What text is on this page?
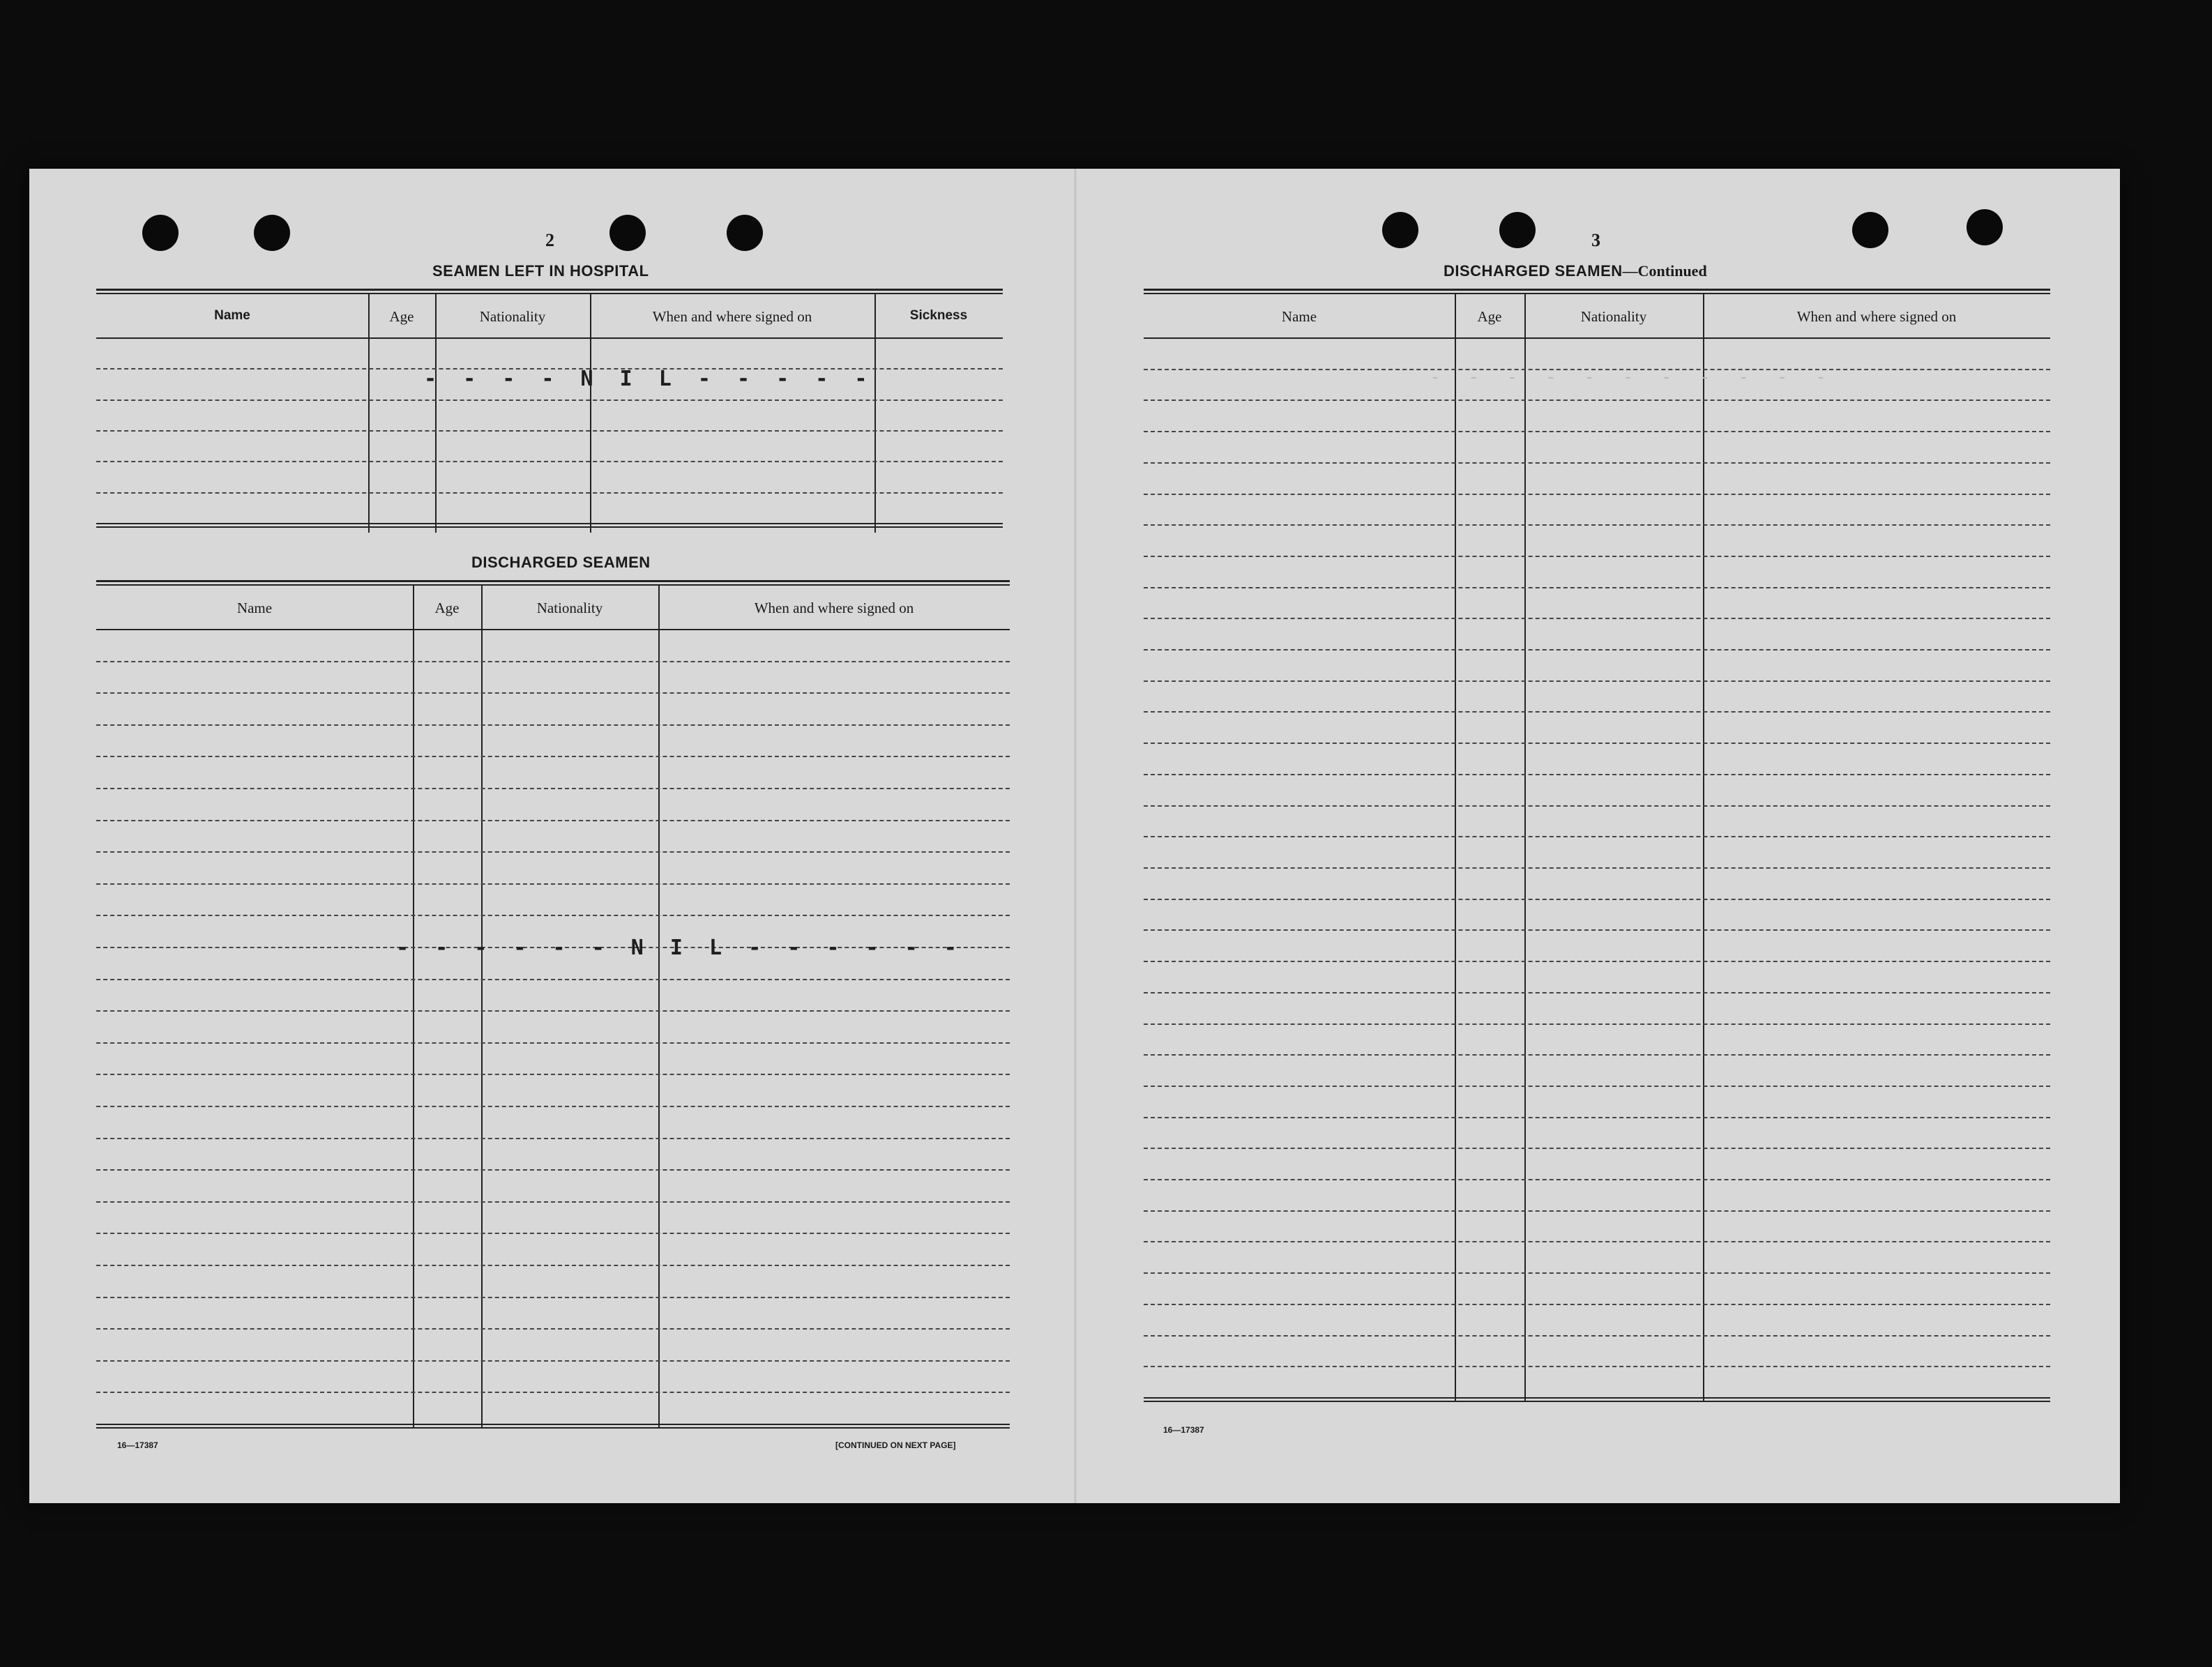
2
SEAMEN LEFT IN HOSPITAL
Name	Age	Nationality	When and where signed on	Sickness
- - - - N I L - - - - -
DISCHARGED SEAMEN
Name	Age	Nationality	When and where signed on
- - - - - - N I L - - - - - -
16—17387	[CONTINUED ON NEXT PAGE]
3
DISCHARGED SEAMEN—Continued
Name	Age	Nationality	When and where signed on
- - - - - - - - - - -
16—17387
